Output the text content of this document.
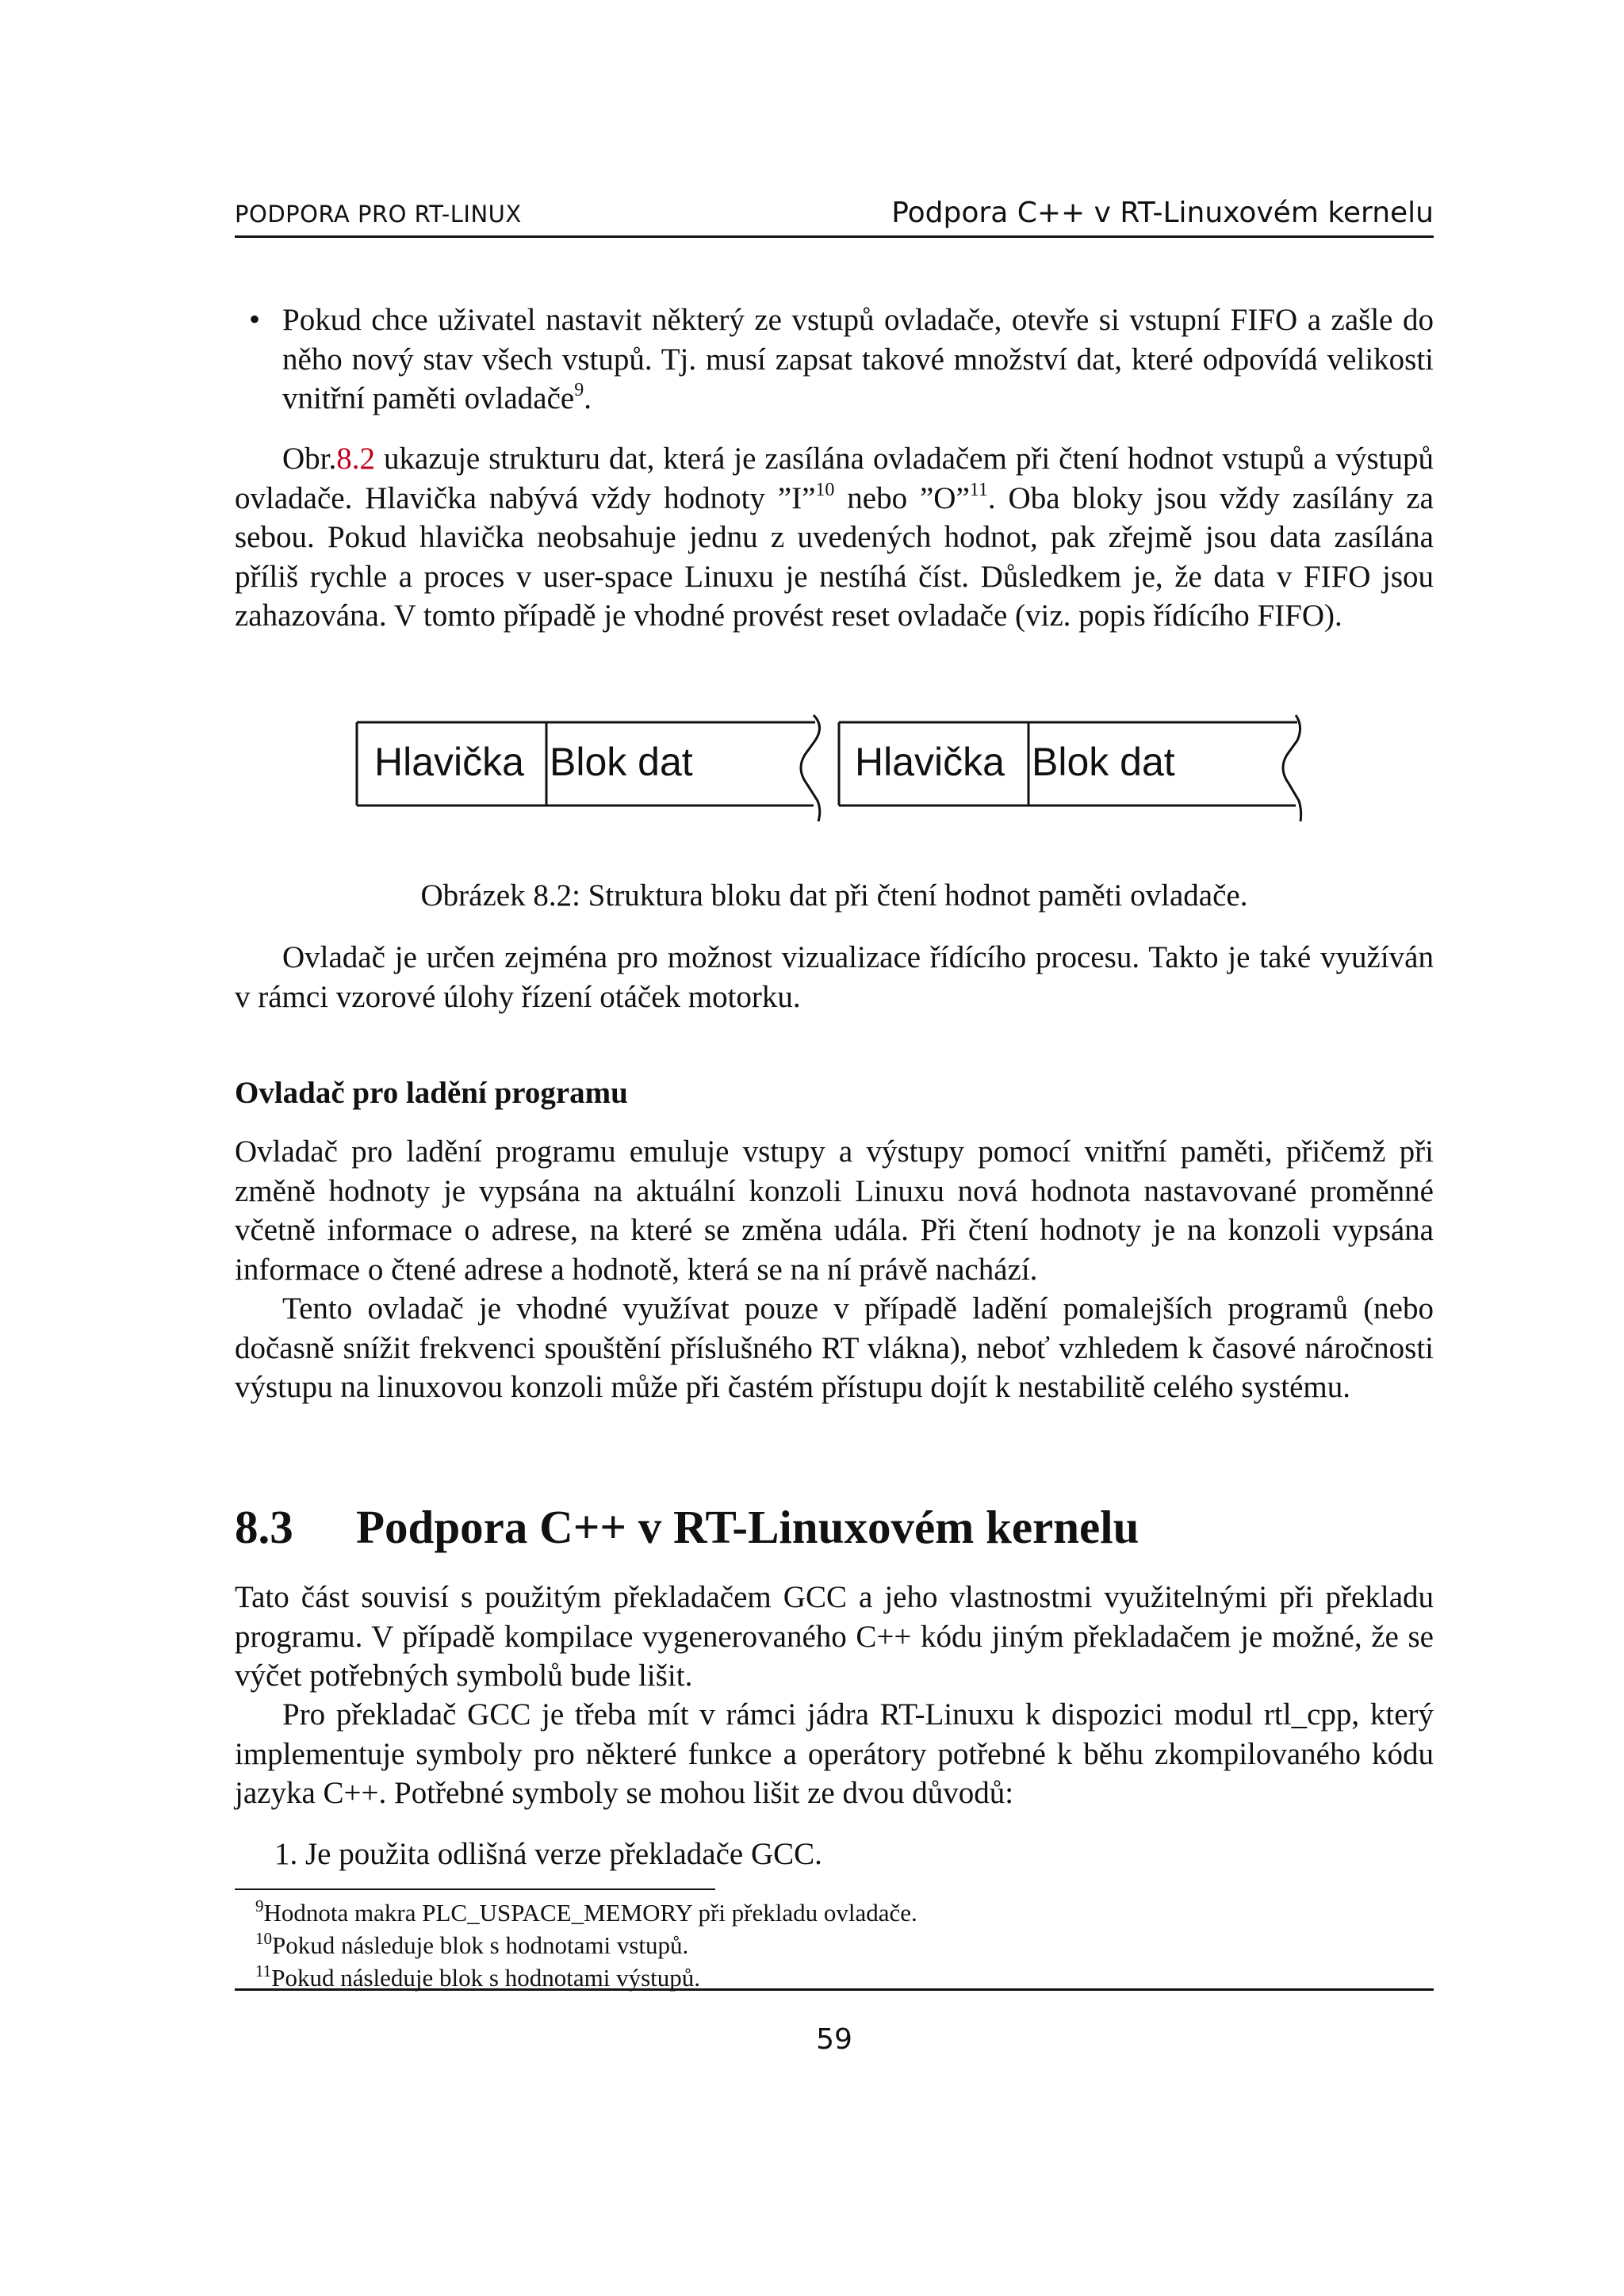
PODPORA PRO RT-LINUX	Podpora C++ v RT-Linuxovém kernelu
• Pokud chce uživatel nastavit některý ze vstupů ovladače, otevře si vstupní FIFO a zašle do něho nový stav všech vstupů. Tj. musí zapsat takové množství dat, které odpovídá velikosti vnitřní paměti ovladače$^9$.

Obr.8.2 ukazuje strukturu dat, která je zasílána ovladačem při čtení hodnot vstupů a výstupů ovladače. Hlavička nabývá vždy hodnoty ”I”$^{10}$ nebo ”O”$^{11}$. Oba bloky jsou vždy zasílány za sebou. Pokud hlavička neobsahuje jednu z uvedených hodnot, pak zřejmě jsou data zasílána příliš rychle a proces v user-space Linuxu je nestíhá číst. Důsledkem je, že data v FIFO jsou zahazována. V tomto případě je vhodné provést reset ovladače (viz. popis řídícího FIFO).

Hlavička Blok dat	Hlavička Blok dat
Obrázek 8.2: Struktura bloku dat při čtení hodnot paměti ovladače.

Ovladač je určen zejména pro možnost vizualizace řídícího procesu. Takto je také využíván v rámci vzorové úlohy řízení otáček motorku.

Ovladač pro ladění programu

Ovladač pro ladění programu emuluje vstupy a výstupy pomocí vnitřní paměti, přičemž při změně hodnoty je vypsána na aktuální konzoli Linuxu nová hodnota nastavované proměnné včetně informace o adrese, na které se změna udála. Při čtení hodnoty je na konzoli vypsána informace o čtené adrese a hodnotě, která se na ní právě nachází.

Tento ovladač je vhodné využívat pouze v případě ladění pomalejších programů (nebo dočasně snížit frekvenci spouštění příslušného RT vlákna), neboť vzhledem k časové náročnosti výstupu na linuxovou konzoli může při častém přístupu dojít k nestabilitě celého systému.

8.3 Podpora C++ v RT-Linuxovém kernelu

Tato část souvisí s použitým překladačem GCC a jeho vlastnostmi využitelnými při překladu programu. V případě kompilace vygenerovaného C++ kódu jiným překladačem je možné, že se výčet potřebných symbolů bude lišit.

Pro překladač GCC je třeba mít v rámci jádra RT-Linuxu k dispozici modul rtl_cpp, který implementuje symboly pro některé funkce a operátory potřebné k běhu zkompilovaného kódu jazyka C++. Potřebné symboly se mohou lišit ze dvou důvodů:

1. Je použita odlišná verze překladače GCC.
$^9$Hodnota makra PLC_USPACE_MEMORY při překladu ovladače.
$^{10}$Pokud následuje blok s hodnotami vstupů.
$^{11}$Pokud následuje blok s hodnotami výstupů.
59
